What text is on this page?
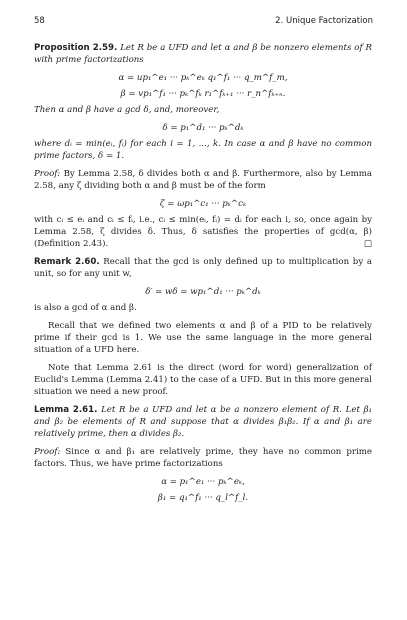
58	2. Unique Factorization

Proposition 2.59. Let R be a UFD and let α and β be nonzero elements of R with prime factorizations

α = up₁^e₁ ··· pₖ^eₖ q₁^f₁ ··· q_m^f_m,
β = vp₁^f₁ ··· pₖ^fₖ r₁^fₖ₊₁ ··· r_n^fₖ₊ₙ.

Then α and β have a gcd δ, and, moreover,

δ = p₁^d₁ ··· pₖ^dₖ

where dᵢ = min(eᵢ, fᵢ) for each i = 1, ..., k. In case α and β have no common prime factors, δ = 1.

Proof: By Lemma 2.58, δ divides both α and β. Furthermore, also by Lemma 2.58, any ζ dividing both α and β must be of the form

ζ = ωp₁^c₁ ··· pₖ^cₖ

with cᵢ ≤ eᵢ and cᵢ ≤ fᵢ, i.e., cᵢ ≤ min(eᵢ, fᵢ) = dᵢ for each i, so, once again by Lemma 2.58, ζ divides δ. Thus, δ satisfies the properties of gcd(α, β) (Definition 2.43).	□

Remark 2.60. Recall that the gcd is only defined up to multiplication by a unit, so for any unit w,

δ′ = wδ = wp₁^d₁ ··· pₖ^dₖ

is also a gcd of α and β.

Recall that we defined two elements α and β of a PID to be relatively prime if their gcd is 1. We use the same language in the more general situation of a UFD here.

Note that Lemma 2.61 is the direct (word for word) generalization of Euclid's Lemma (Lemma 2.41) to the case of a UFD. But in this more general situation we need a new proof.

Lemma 2.61. Let R be a UFD and let α be a nonzero element of R. Let β₁ and β₂ be elements of R and suppose that α divides β₁β₂. If α and β₁ are relatively prime, then α divides β₂.

Proof: Since α and β₁ are relatively prime, they have no common prime factors. Thus, we have prime factorizations

α = p₁^e₁ ··· pₖ^eₖ,
β₁ = q₁^f₁ ··· q_l^f_l.
